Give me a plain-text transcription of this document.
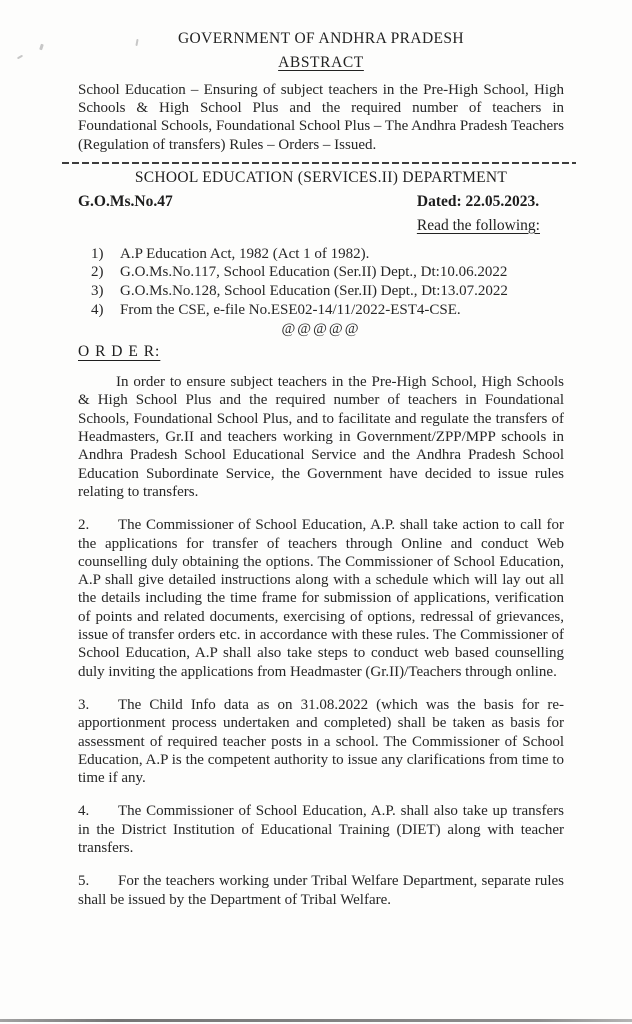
GOVERNMENT OF ANDHRA PRADESH
ABSTRACT

School Education – Ensuring of subject teachers in the Pre-High School, High Schools & High School Plus and the required number of teachers in Foundational Schools, Foundational School Plus – The Andhra Pradesh Teachers (Regulation of transfers) Rules – Orders – Issued.

SCHOOL EDUCATION (SERVICES.II) DEPARTMENT
G.O.Ms.No.47	Dated: 22.05.2023.
Read the following:
1)	A.P Education Act, 1982 (Act 1 of 1982).
2)	G.O.Ms.No.117, School Education (Ser.II) Dept., Dt:10.06.2022
3)	G.O.Ms.No.128, School Education (Ser.II) Dept., Dt:13.07.2022
4)	From the CSE, e-file No.ESE02-14/11/2022-EST4-CSE.
@@@@@
O R D E R:

In order to ensure subject teachers in the Pre-High School, High Schools & High School Plus and the required number of teachers in Foundational Schools, Foundational School Plus, and to facilitate and regulate the transfers of Headmasters, Gr.II and teachers working in Government/ZPP/MPP schools in Andhra Pradesh School Educational Service and the Andhra Pradesh School Education Subordinate Service, the Government have decided to issue rules relating to transfers.

2. The Commissioner of School Education, A.P. shall take action to call for the applications for transfer of teachers through Online and conduct Web counselling duly obtaining the options. The Commissioner of School Education, A.P shall give detailed instructions along with a schedule which will lay out all the details including the time frame for submission of applications, verification of points and related documents, exercising of options, redressal of grievances, issue of transfer orders etc. in accordance with these rules. The Commissioner of School Education, A.P shall also take steps to conduct web based counselling duly inviting the applications from Headmaster (Gr.II)/Teachers through online.

3. The Child Info data as on 31.08.2022 (which was the basis for re-apportionment process undertaken and completed) shall be taken as basis for assessment of required teacher posts in a school. The Commissioner of School Education, A.P is the competent authority to issue any clarifications from time to time if any.

4. The Commissioner of School Education, A.P. shall also take up transfers in the District Institution of Educational Training (DIET) along with teacher transfers.

5. For the teachers working under Tribal Welfare Department, separate rules shall be issued by the Department of Tribal Welfare.
